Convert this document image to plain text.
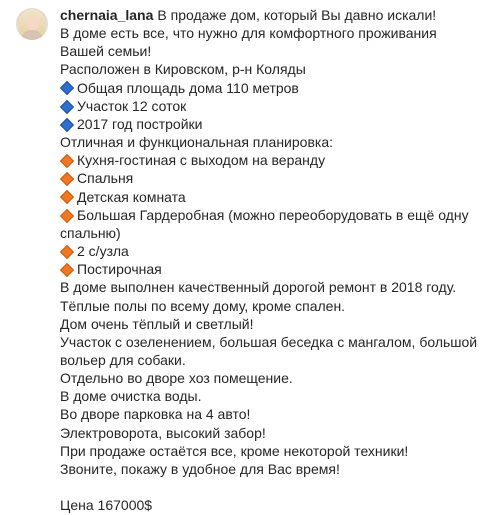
chernaia_lana В продаже дом, который Вы давно искали!
В доме есть все, что нужно для комфортного проживания Вашей семьи!
Расположен в Кировском, р-н Коляды
Общая площадь дома 110 метров
Участок 12 соток
2017 год постройки
Отличная и функциональная планировка:
Кухня-гостиная с выходом на веранду
Спальня
Детская комната
Большая Гардеробная (можно переоборудовать в ещё одну спальню)
2 с/узла
Постирочная
В доме выполнен качественный дорогой ремонт в 2018 году.
Тёплые полы по всему дому, кроме спален.
Дом очень тёплый и светлый!
Участок с озеленением, большая беседка с мангалом, большой вольер для собаки.
Отдельно во дворе хоз помещение.
В доме очистка воды.
Во дворе парковка на 4 авто!
Электроворота, высокий забор!
При продаже остаётся все, кроме некоторой техники!
Звоните, покажу в удобное для Вас время!
Цена 167000$
